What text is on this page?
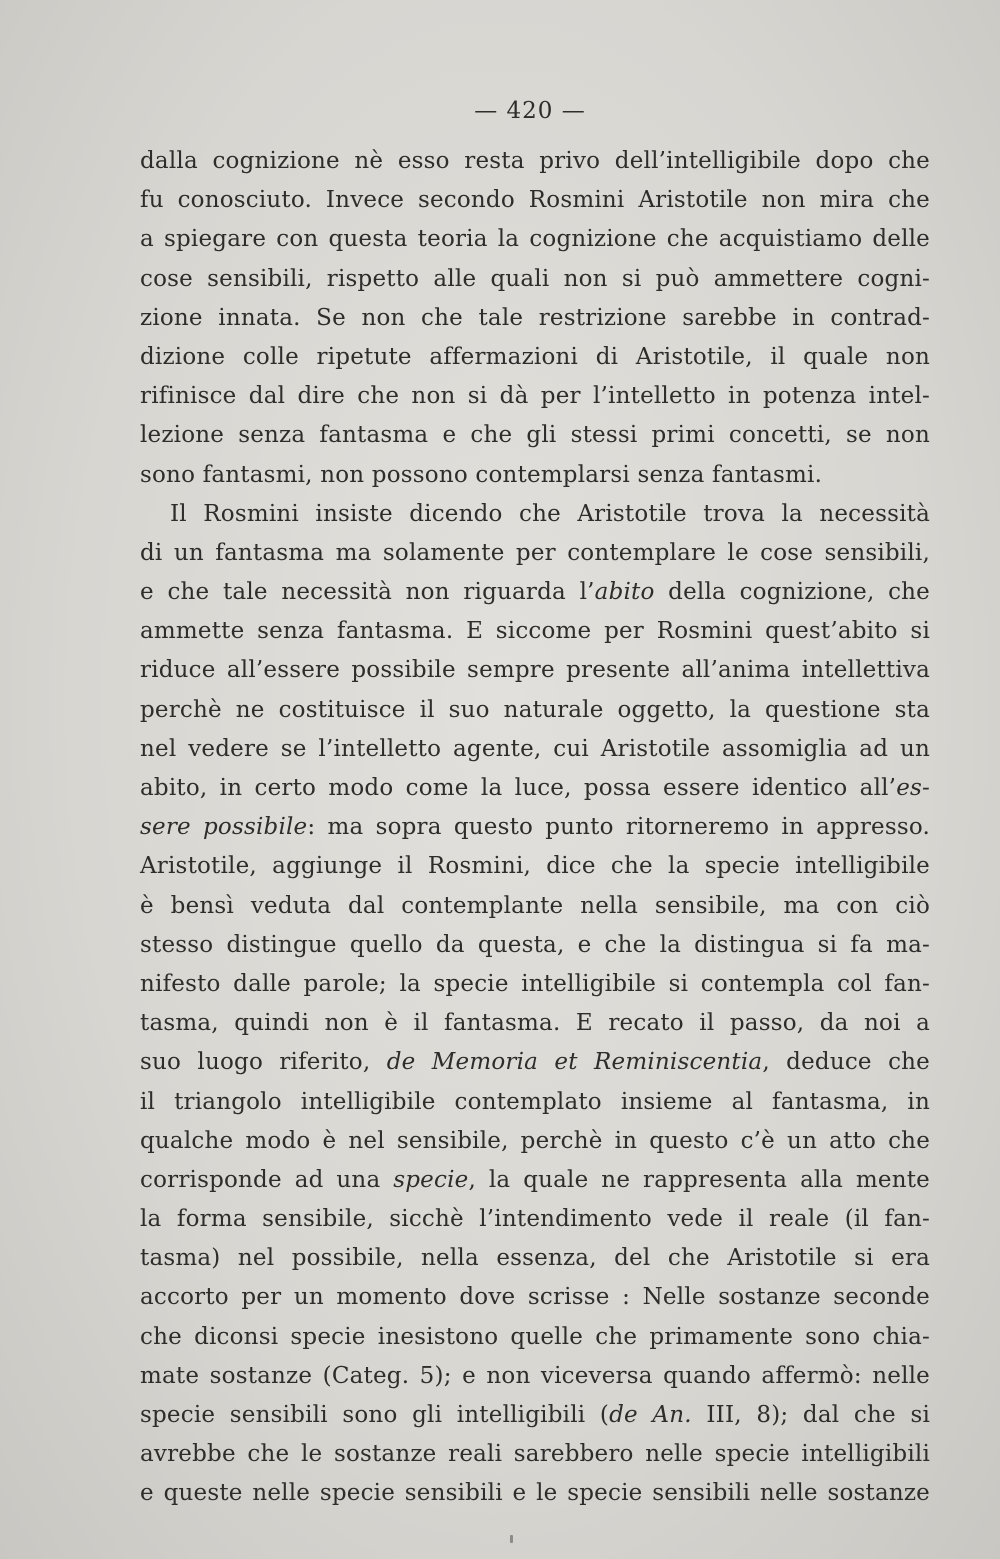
— 420 —
dalla cognizione nè esso resta privo dell’intelligibile dopo che
fu conosciuto. Invece secondo Rosmini Aristotile non mira che
a spiegare con questa teoria la cognizione che acquistiamo delle
cose sensibili, rispetto alle quali non si può ammettere cogni-
zione innata. Se non che tale restrizione sarebbe in contrad-
dizione colle ripetute affermazioni di Aristotile, il quale non
rifinisce dal dire che non si dà per l’intelletto in potenza intel-
lezione senza fantasma e che gli stessi primi concetti, se non
sono fantasmi, non possono contemplarsi senza fantasmi.
Il Rosmini insiste dicendo che Aristotile trova la necessità
di un fantasma ma solamente per contemplare le cose sensibili,
e che tale necessità non riguarda l’abito della cognizione, che
ammette senza fantasma. E siccome per Rosmini quest’abito si
riduce all’essere possibile sempre presente all’anima intellettiva
perchè ne costituisce il suo naturale oggetto, la questione sta
nel vedere se l’intelletto agente, cui Aristotile assomiglia ad un
abito, in certo modo come la luce, possa essere identico all’es-
sere possibile: ma sopra questo punto ritorneremo in appresso.
Aristotile, aggiunge il Rosmini, dice che la specie intelligibile
è bensì veduta dal contemplante nella sensibile, ma con ciò
stesso distingue quello da questa, e che la distingua si fa ma-
nifesto dalle parole; la specie intelligibile si contempla col fan-
tasma, quindi non è il fantasma. E recato il passo, da noi a
suo luogo riferito, de Memoria et Reminiscentia, deduce che
il triangolo intelligibile contemplato insieme al fantasma, in
qualche modo è nel sensibile, perchè in questo c’è un atto che
corrisponde ad una specie, la quale ne rappresenta alla mente
la forma sensibile, sicchè l’intendimento vede il reale (il fan-
tasma) nel possibile, nella essenza, del che Aristotile si era
accorto per un momento dove scrisse : Nelle sostanze seconde
che diconsi specie inesistono quelle che primamente sono chia-
mate sostanze (Categ. 5); e non viceversa quando affermò: nelle
specie sensibili sono gli intelligibili (de An. III, 8); dal che si
avrebbe che le sostanze reali sarebbero nelle specie intelligibili
e queste nelle specie sensibili e le specie sensibili nelle sostanze
